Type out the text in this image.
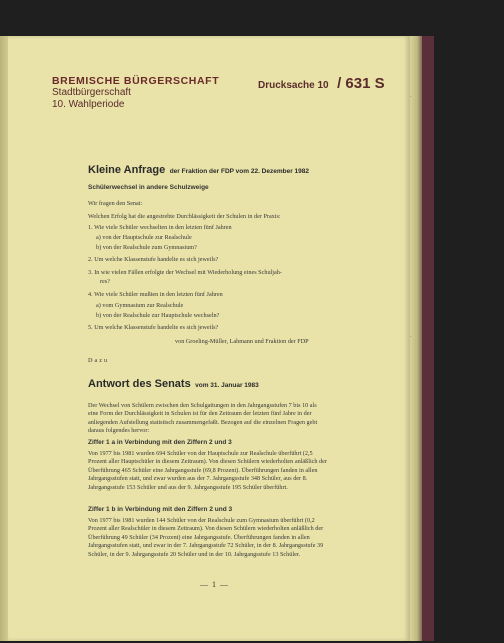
BREMISCHE BÜRGERSCHAFT
Stadtbürgerschaft
10. Wahlperiode
Drucksache 10 / 631 S
Kleine Anfrage der Fraktion der FDP vom 22. Dezember 1982
Schülerwechsel in andere Schulzweige
Wir fragen den Senat:
Welchen Erfolg hat die angestrebte Durchlässigkeit der Schulen in der Praxis:
1. Wie viele Schüler wechselten in den letzten fünf Jahren
a) von der Hauptschule zur Realschule
b) von der Realschule zum Gymnasium?
2. Um welche Klassenstufe handelte es sich jeweils?
3. In wie vielen Fällen erfolgte der Wechsel mit Wiederholung eines Schuljah-
res?
4. Wie viele Schüler mußten in den letzten fünf Jahren
a) vom Gymnasium zur Realschule
b) von der Realschule zur Hauptschule wechseln?
5. Um welche Klassenstufe handelte es sich jeweils?
von Groeling-Müller, Lahmann und Fraktion der FDP
Dazu
Antwort des Senats vom 31. Januar 1983
Der Wechsel von Schülern zwischen den Schulgattungen in den Jahrgangsstufen 7 bis 10 als eine Form der Durchlässigkeit in Schulen ist für den Zeitraum der letzten fünf Jahre in der anliegenden Aufstellung statistisch zusammengefaßt. Bezogen auf die einzelnen Fragen gebt daraus folgendes hervor:
Ziffer 1 a in Verbindung mit den Ziffern 2 und 3
Von 1977 bis 1981 wurden 694 Schüler von der Hauptschule zur Realschule überführt (2,5 Prozent aller Hauptschüler in diesem Zeitraum). Von diesen Schülern wiederholten anläßlich der Überführung 465 Schüler eine Jahrgangsstufe (69,8 Prozent). Überführungen fanden in allen Jahrgangsstufen statt, und zwar wurden aus der 7. Jahrgangsstufe 348 Schüler, aus der 8. Jahrgangsstufe 153 Schüler und aus der 9. Jahrgangsstufe 195 Schüler überführt.
Ziffer 1 b in Verbindung mit den Ziffern 2 und 3
Von 1977 bis 1981 wurden 144 Schüler von der Realschule zum Gymnasium überführt (0,2 Prozent aller Realschüler in diesem Zeitraum). Von diesen Schülern wiederholten anläßlich der Überführung 49 Schüler (34 Prozent) eine Jahrgangsstufe. Überführungen fanden in allen Jahrgangsstufen statt, und zwar in der 7. Jahrgangsstufe 72 Schüler, in der 8. Jahrgangsstufe 39 Schüler, in der 9. Jahrgangsstufe 20 Schüler und in der 10. Jahrgangsstufe 13 Schüler.
— 1 —
·
·
